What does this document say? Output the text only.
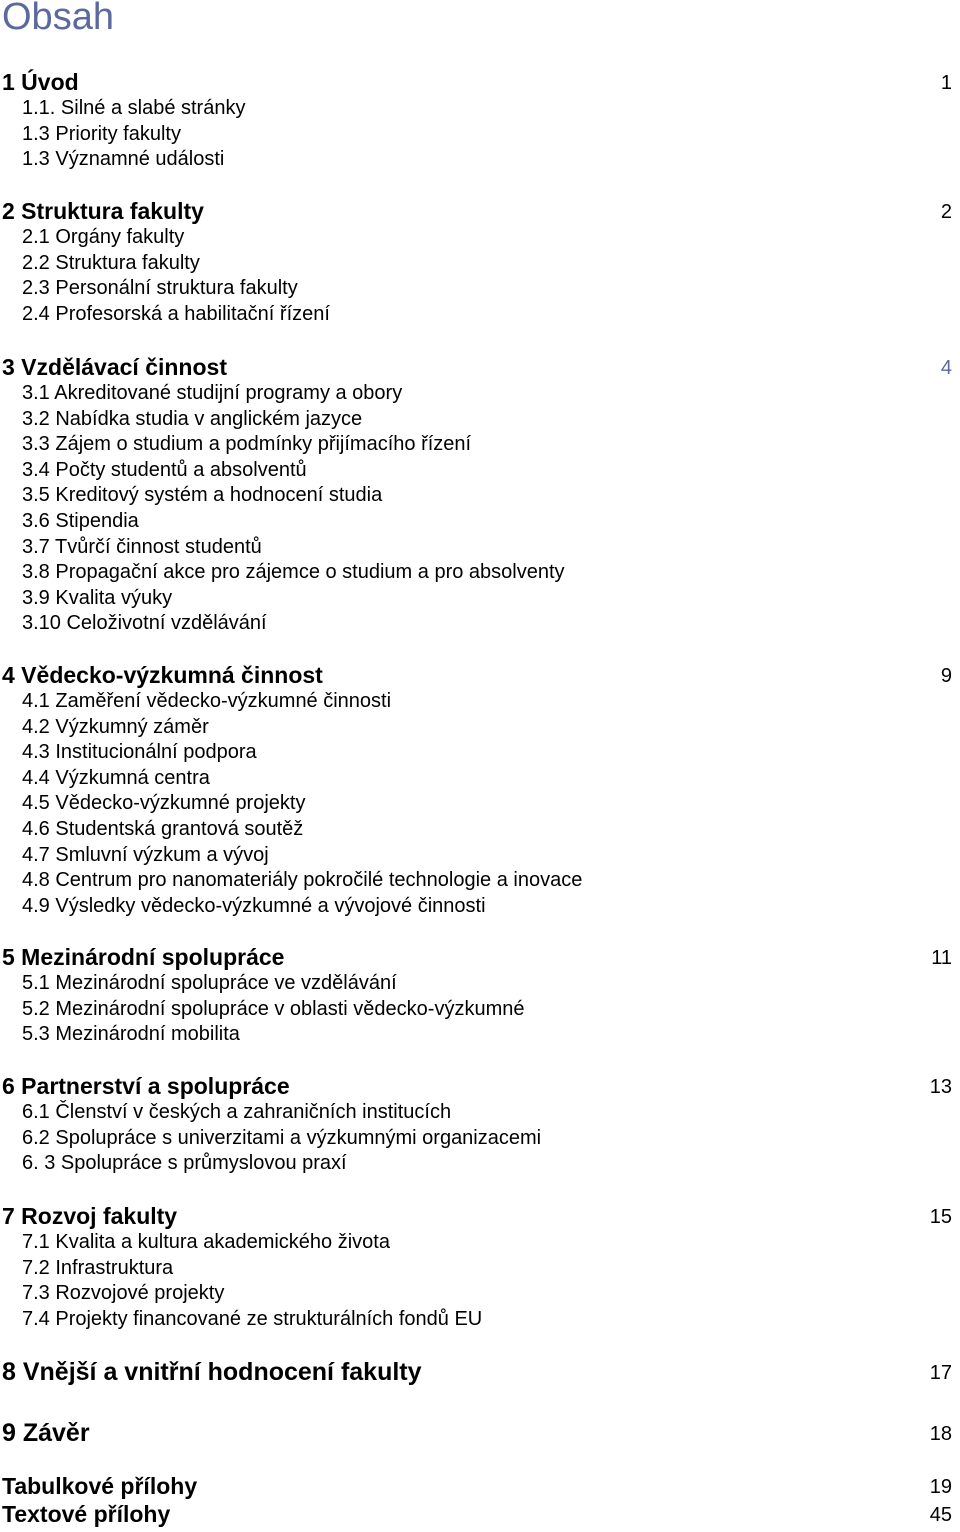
Obsah
1 Úvod	1
1.1. Silné a slabé stránky
1.3 Priority fakulty
1.3 Významné události
2 Struktura fakulty	2
2.1 Orgány fakulty
2.2 Struktura fakulty
2.3 Personální struktura fakulty
2.4 Profesorská a habilitační řízení
3 Vzdělávací činnost	4
3.1 Akreditované studijní programy a obory
3.2 Nabídka studia v anglickém jazyce
3.3 Zájem o studium a podmínky přijímacího řízení
3.4 Počty studentů a absolventů
3.5 Kreditový systém a hodnocení studia
3.6 Stipendia
3.7 Tvůrčí činnost studentů
3.8 Propagační akce pro zájemce o studium a pro absolventy
3.9 Kvalita výuky
3.10 Celoživotní vzdělávání
4 Vědecko-výzkumná činnost	9
4.1 Zaměření vědecko-výzkumné činnosti
4.2 Výzkumný záměr
4.3 Institucionální podpora
4.4 Výzkumná centra
4.5 Vědecko-výzkumné projekty
4.6 Studentská grantová soutěž
4.7 Smluvní výzkum a vývoj
4.8 Centrum pro nanomateriály pokročilé technologie a inovace
4.9 Výsledky vědecko-výzkumné a vývojové činnosti
5 Mezinárodní spolupráce	11
5.1 Mezinárodní spolupráce ve vzdělávání
5.2 Mezinárodní spolupráce v oblasti vědecko-výzkumné
5.3 Mezinárodní mobilita
6 Partnerství a spolupráce	13
6.1 Členství v českých a zahraničních institucích
6.2 Spolupráce s univerzitami a výzkumnými organizacemi
6. 3 Spolupráce s průmyslovou praxí
7 Rozvoj fakulty	15
7.1 Kvalita a kultura akademického života
7.2 Infrastruktura
7.3 Rozvojové projekty
7.4 Projekty financované ze strukturálních fondů EU
8 Vnější a vnitřní hodnocení fakulty	17
9 Závěr	18
Tabulkové přílohy	19
Textové přílohy	45
